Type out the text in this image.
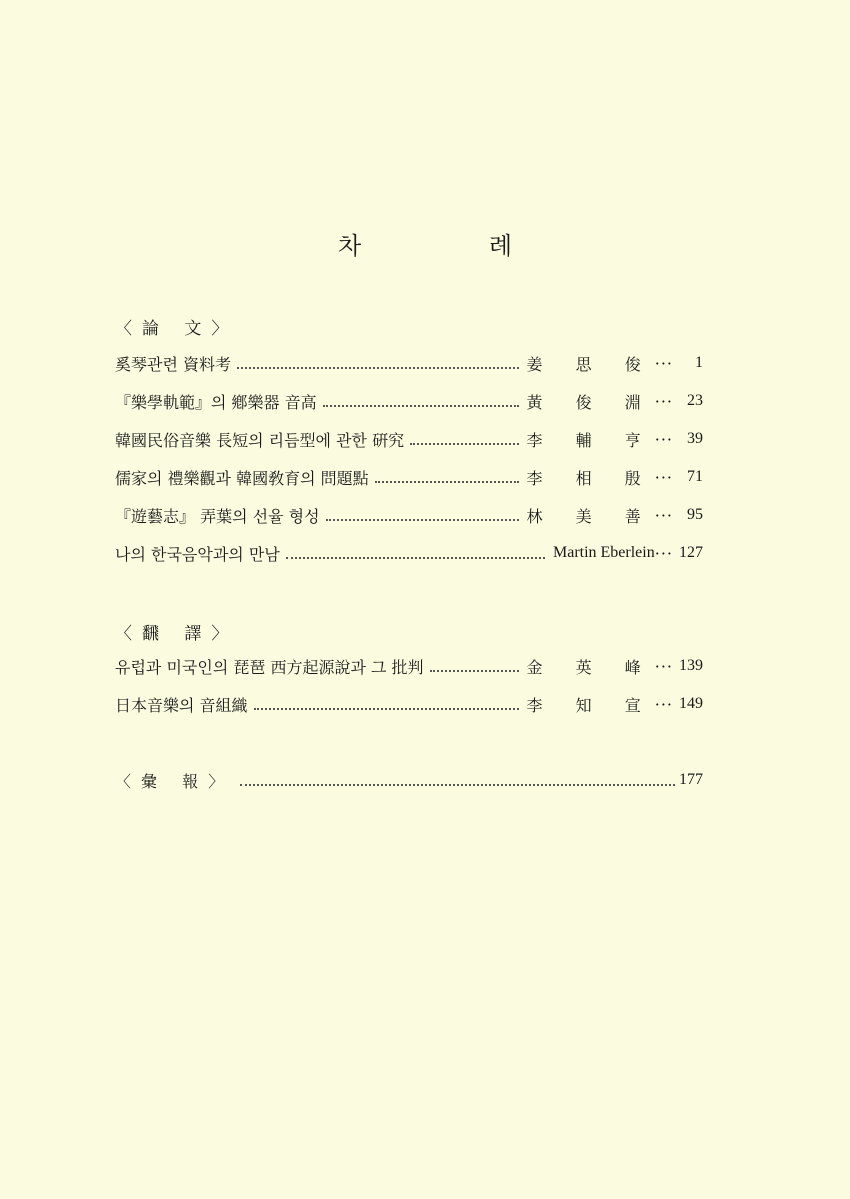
차 례
〈論 文〉
奚琴관련 資料考	姜 思 俊 ···	1
『樂學軌範』의 鄕樂器 音高	黃 俊 淵 ··· 23
韓國民俗音樂 長短의 리듬型에 관한 硏究	李 輔 亨 ··· 39
儒家의 禮樂觀과 韓國敎育의 問題點	李 相 殷 ··· 71
『遊藝志』 弄葉의 선율 형성	林 美 善 ··· 95
나의 한국음악과의 만남	Martin Eberlein ··· 127
〈飜 譯〉
유럽과 미국인의 琵琶 西方起源說과 그 批判	金 英 峰 ··· 139
日本音樂의 音組織	李 知 宣 ··· 149
〈彙 報〉	177
